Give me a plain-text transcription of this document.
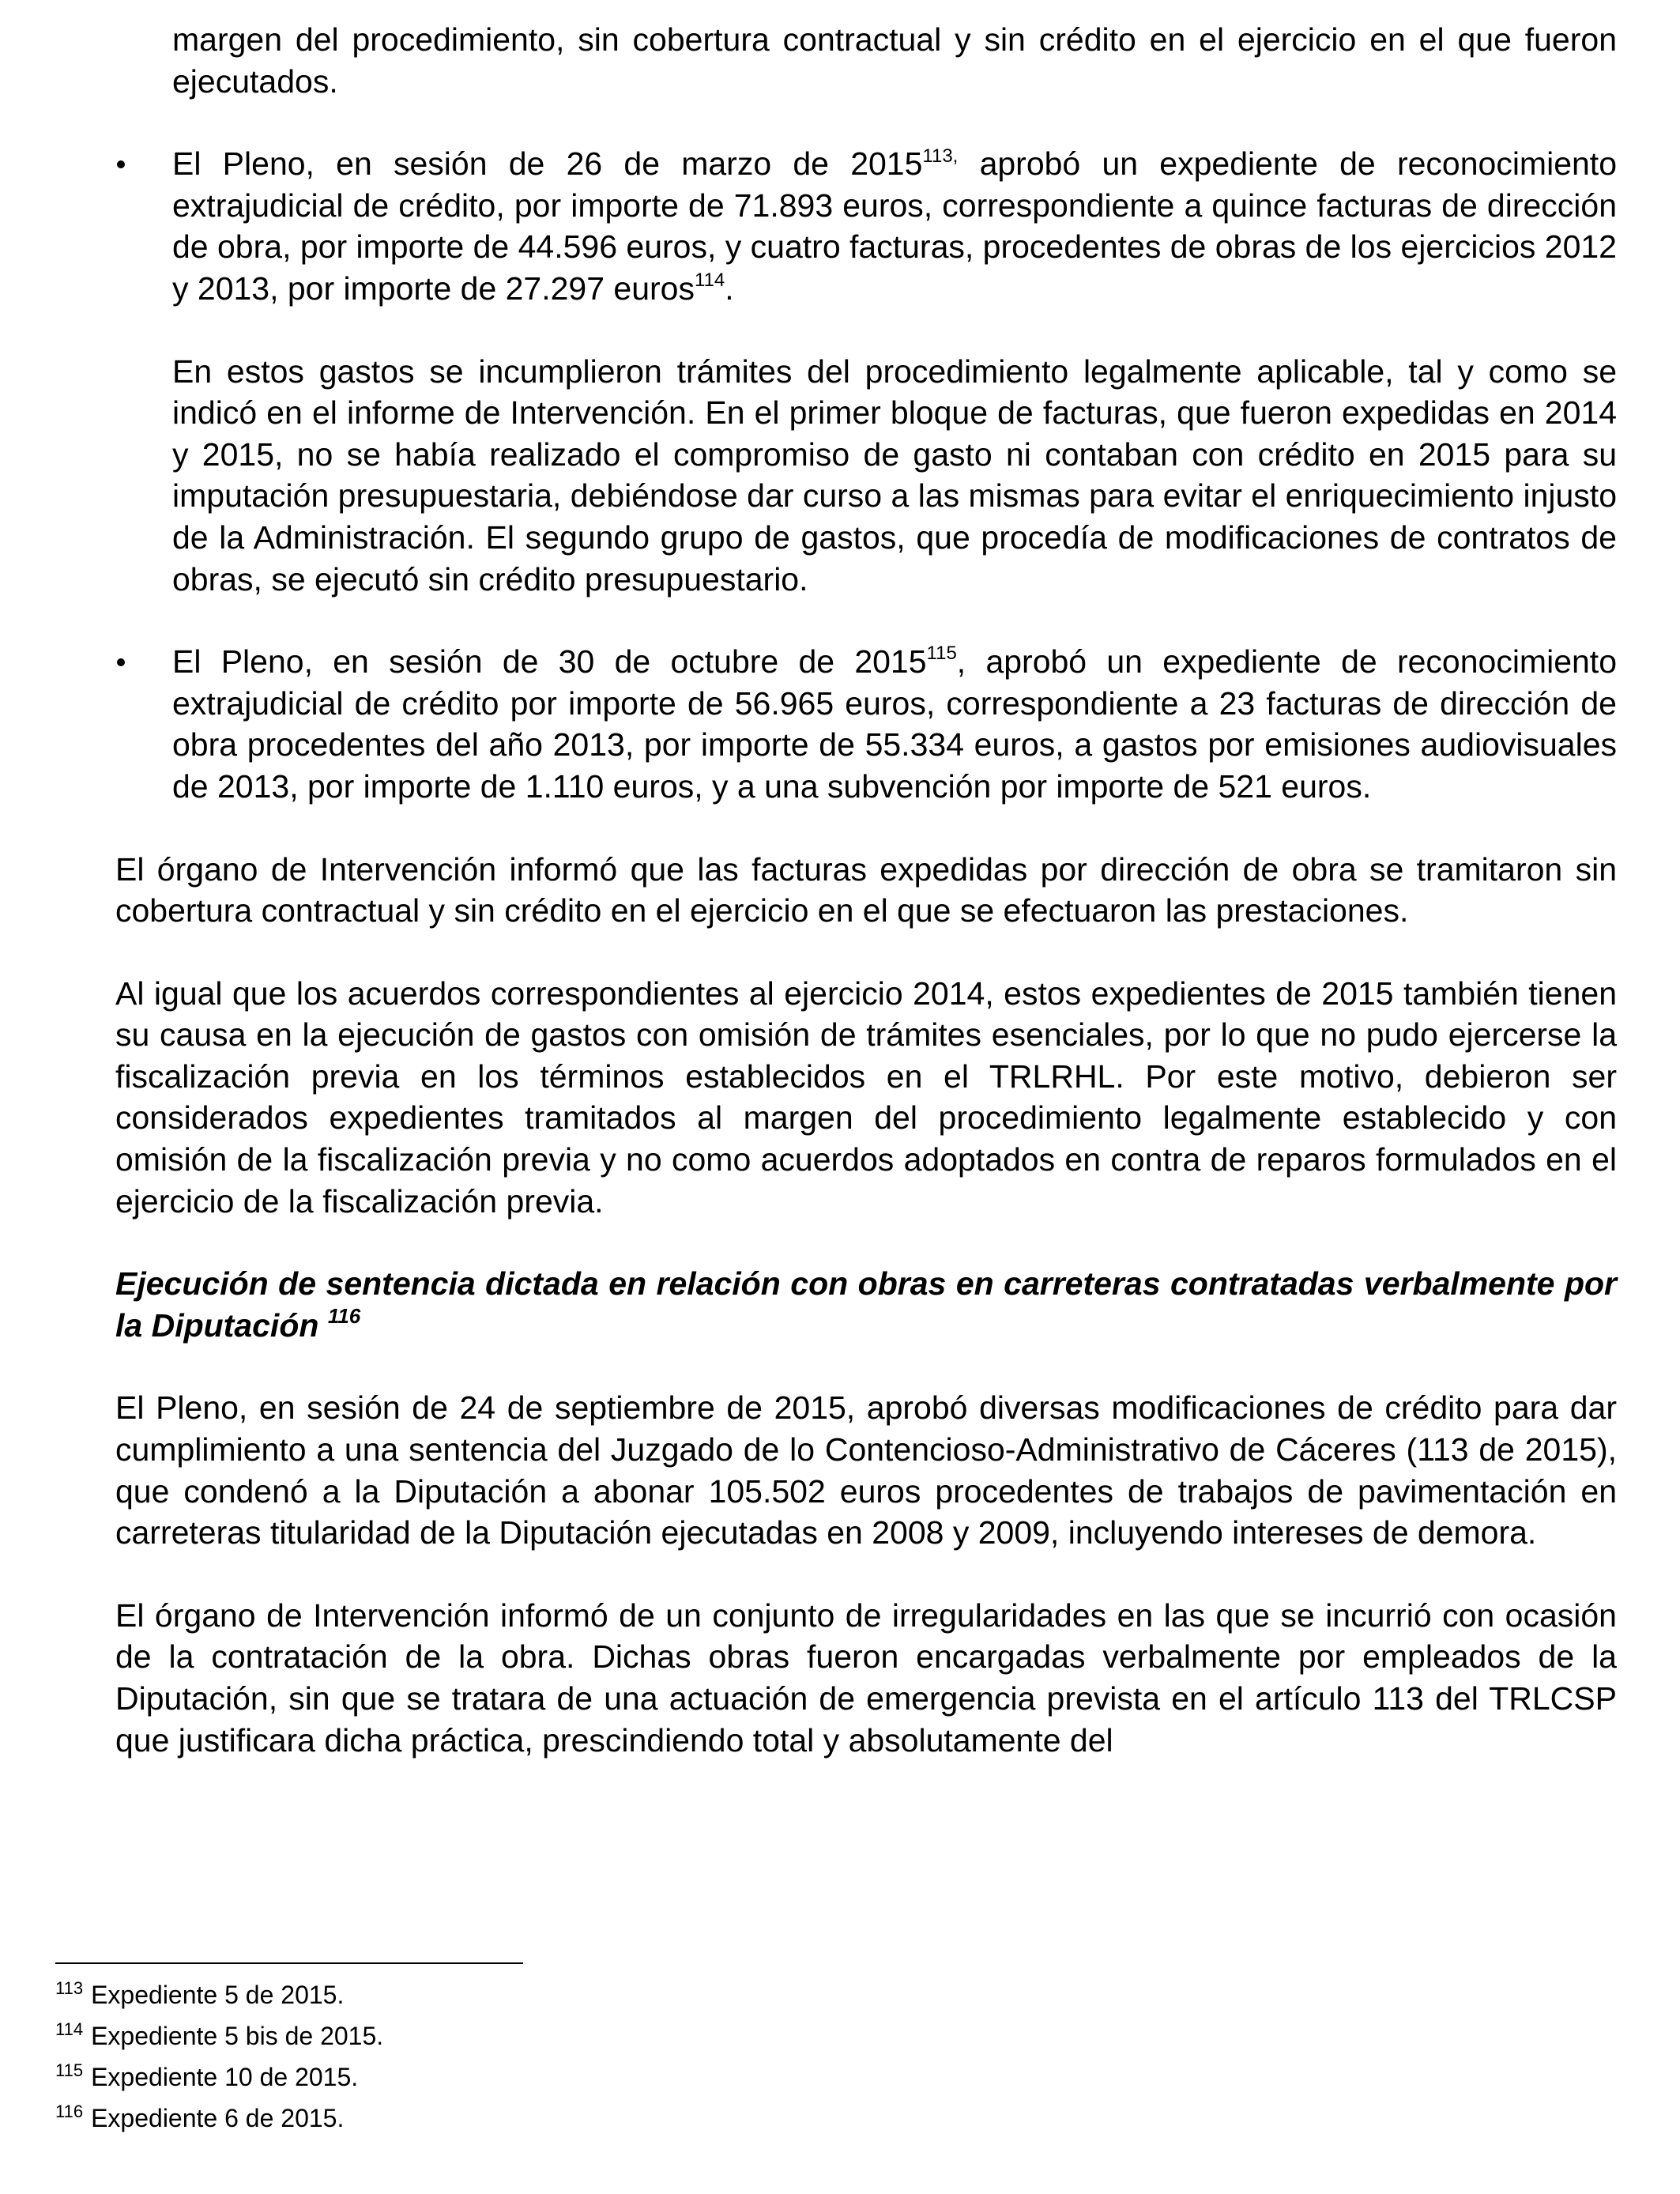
margen del procedimiento, sin cobertura contractual y sin crédito en el ejercicio en el que fueron ejecutados.

El Pleno, en sesión de 26 de marzo de $2015^{113,}$ aprobó un expediente de reconocimiento extrajudicial de crédito, por importe de 71.893 euros, correspondiente a quince facturas de dirección de obra, por importe de 44.596 euros, y cuatro facturas, procedentes de obras de los ejercicios 2012 y 2013, por importe de 27.297 euros$^{114}$.

En estos gastos se incumplieron trámites del procedimiento legalmente aplicable, tal y como se indicó en el informe de Intervención. En el primer bloque de facturas, que fueron expedidas en 2014 y 2015, no se había realizado el compromiso de gasto ni contaban con crédito en 2015 para su imputación presupuestaria, debiéndose dar curso a las mismas para evitar el enriquecimiento injusto de la Administración. El segundo grupo de gastos, que procedía de modificaciones de contratos de obras, se ejecutó sin crédito presupuestario.

El Pleno, en sesión de 30 de octubre de 2015$^{115}$, aprobó un expediente de reconocimiento extrajudicial de crédito por importe de 56.965 euros, correspondiente a 23 facturas de dirección de obra procedentes del año 2013, por importe de 55.334 euros, a gastos por emisiones audiovisuales de 2013, por importe de 1.110 euros, y a una subvención por importe de 521 euros.

El órgano de Intervención informó que las facturas expedidas por dirección de obra se tramitaron sin cobertura contractual y sin crédito en el ejercicio en el que se efectuaron las prestaciones.

Al igual que los acuerdos correspondientes al ejercicio 2014, estos expedientes de 2015 también tienen su causa en la ejecución de gastos con omisión de trámites esenciales, por lo que no pudo ejercerse la fiscalización previa en los términos establecidos en el TRLRHL. Por este motivo, debieron ser considerados expedientes tramitados al margen del procedimiento legalmente establecido y con omisión de la fiscalización previa y no como acuerdos adoptados en contra de reparos formulados en el ejercicio de la fiscalización previa.

Ejecución de sentencia dictada en relación con obras en carreteras contratadas verbalmente por la Diputación $^{116}$

El Pleno, en sesión de 24 de septiembre de 2015, aprobó diversas modificaciones de crédito para dar cumplimiento a una sentencia del Juzgado de lo Contencioso-Administrativo de Cáceres (113 de 2015), que condenó a la Diputación a abonar 105.502 euros procedentes de trabajos de pavimentación en carreteras titularidad de la Diputación ejecutadas en 2008 y 2009, incluyendo intereses de demora.

El órgano de Intervención informó de un conjunto de irregularidades en las que se incurrió con ocasión de la contratación de la obra. Dichas obras fueron encargadas verbalmente por empleados de la Diputación, sin que se tratara de una actuación de emergencia prevista en el artículo 113 del TRLCSP que justificara dicha práctica, prescindiendo total y absolutamente del

$^{113}$ Expediente 5 de 2015.
$^{114}$ Expediente 5 bis de 2015.
$^{115}$ Expediente 10 de 2015.
$^{116}$ Expediente 6 de 2015.
